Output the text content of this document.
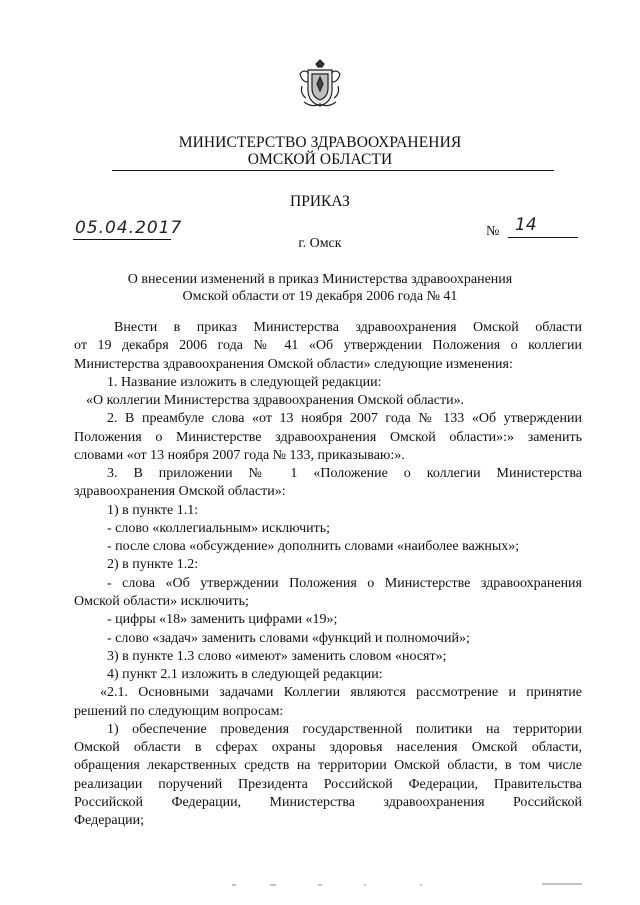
МИНИСТЕРСТВО ЗДРАВООХРАНЕНИЯ
ОМСКОЙ ОБЛАСТИ
ПРИКАЗ
05.04.2017	№ 14
г. Омск
О внесении изменений в приказ Министерства здравоохранения
Омской области от 19 декабря 2006 года № 41
Внести в приказ Министерства здравоохранения Омской области
от 19 декабря 2006 года № 41 «Об утверждении Положения о коллегии
Министерства здравоохранения Омской области» следующие изменения:
1. Название изложить в следующей редакции:
«О коллегии Министерства здравоохранения Омской области».
2. В преамбуле слова «от 13 ноября 2007 года № 133 «Об утверждении
Положения о Министерстве здравоохранения Омской области»:» заменить
словами «от 13 ноября 2007 года № 133, приказываю:».
3. В приложении № 1 «Положение о коллегии Министерства
здравоохранения Омской области»:
1) в пункте 1.1:
- слово «коллегиальным» исключить;
- после слова «обсуждение» дополнить словами «наиболее важных»;
2) в пункте 1.2:
- слова «Об утверждении Положения о Министерстве здравоохранения
Омской области» исключить;
- цифры «18» заменить цифрами «19»;
- слово «задач» заменить словами «функций и полномочий»;
3) в пункте 1.3 слово «имеют» заменить словом «носят»;
4) пункт 2.1 изложить в следующей редакции:
«2.1. Основными задачами Коллегии являются рассмотрение и принятие
решений по следующим вопросам:
1) обеспечение проведения государственной политики на территории
Омской области в сферах охраны здоровья населения Омской области,
обращения лекарственных средств на территории Омской области, в том числе
реализации поручений Президента Российской Федерации, Правительства
Российской Федерации, Министерства здравоохранения Российской
Федерации;
